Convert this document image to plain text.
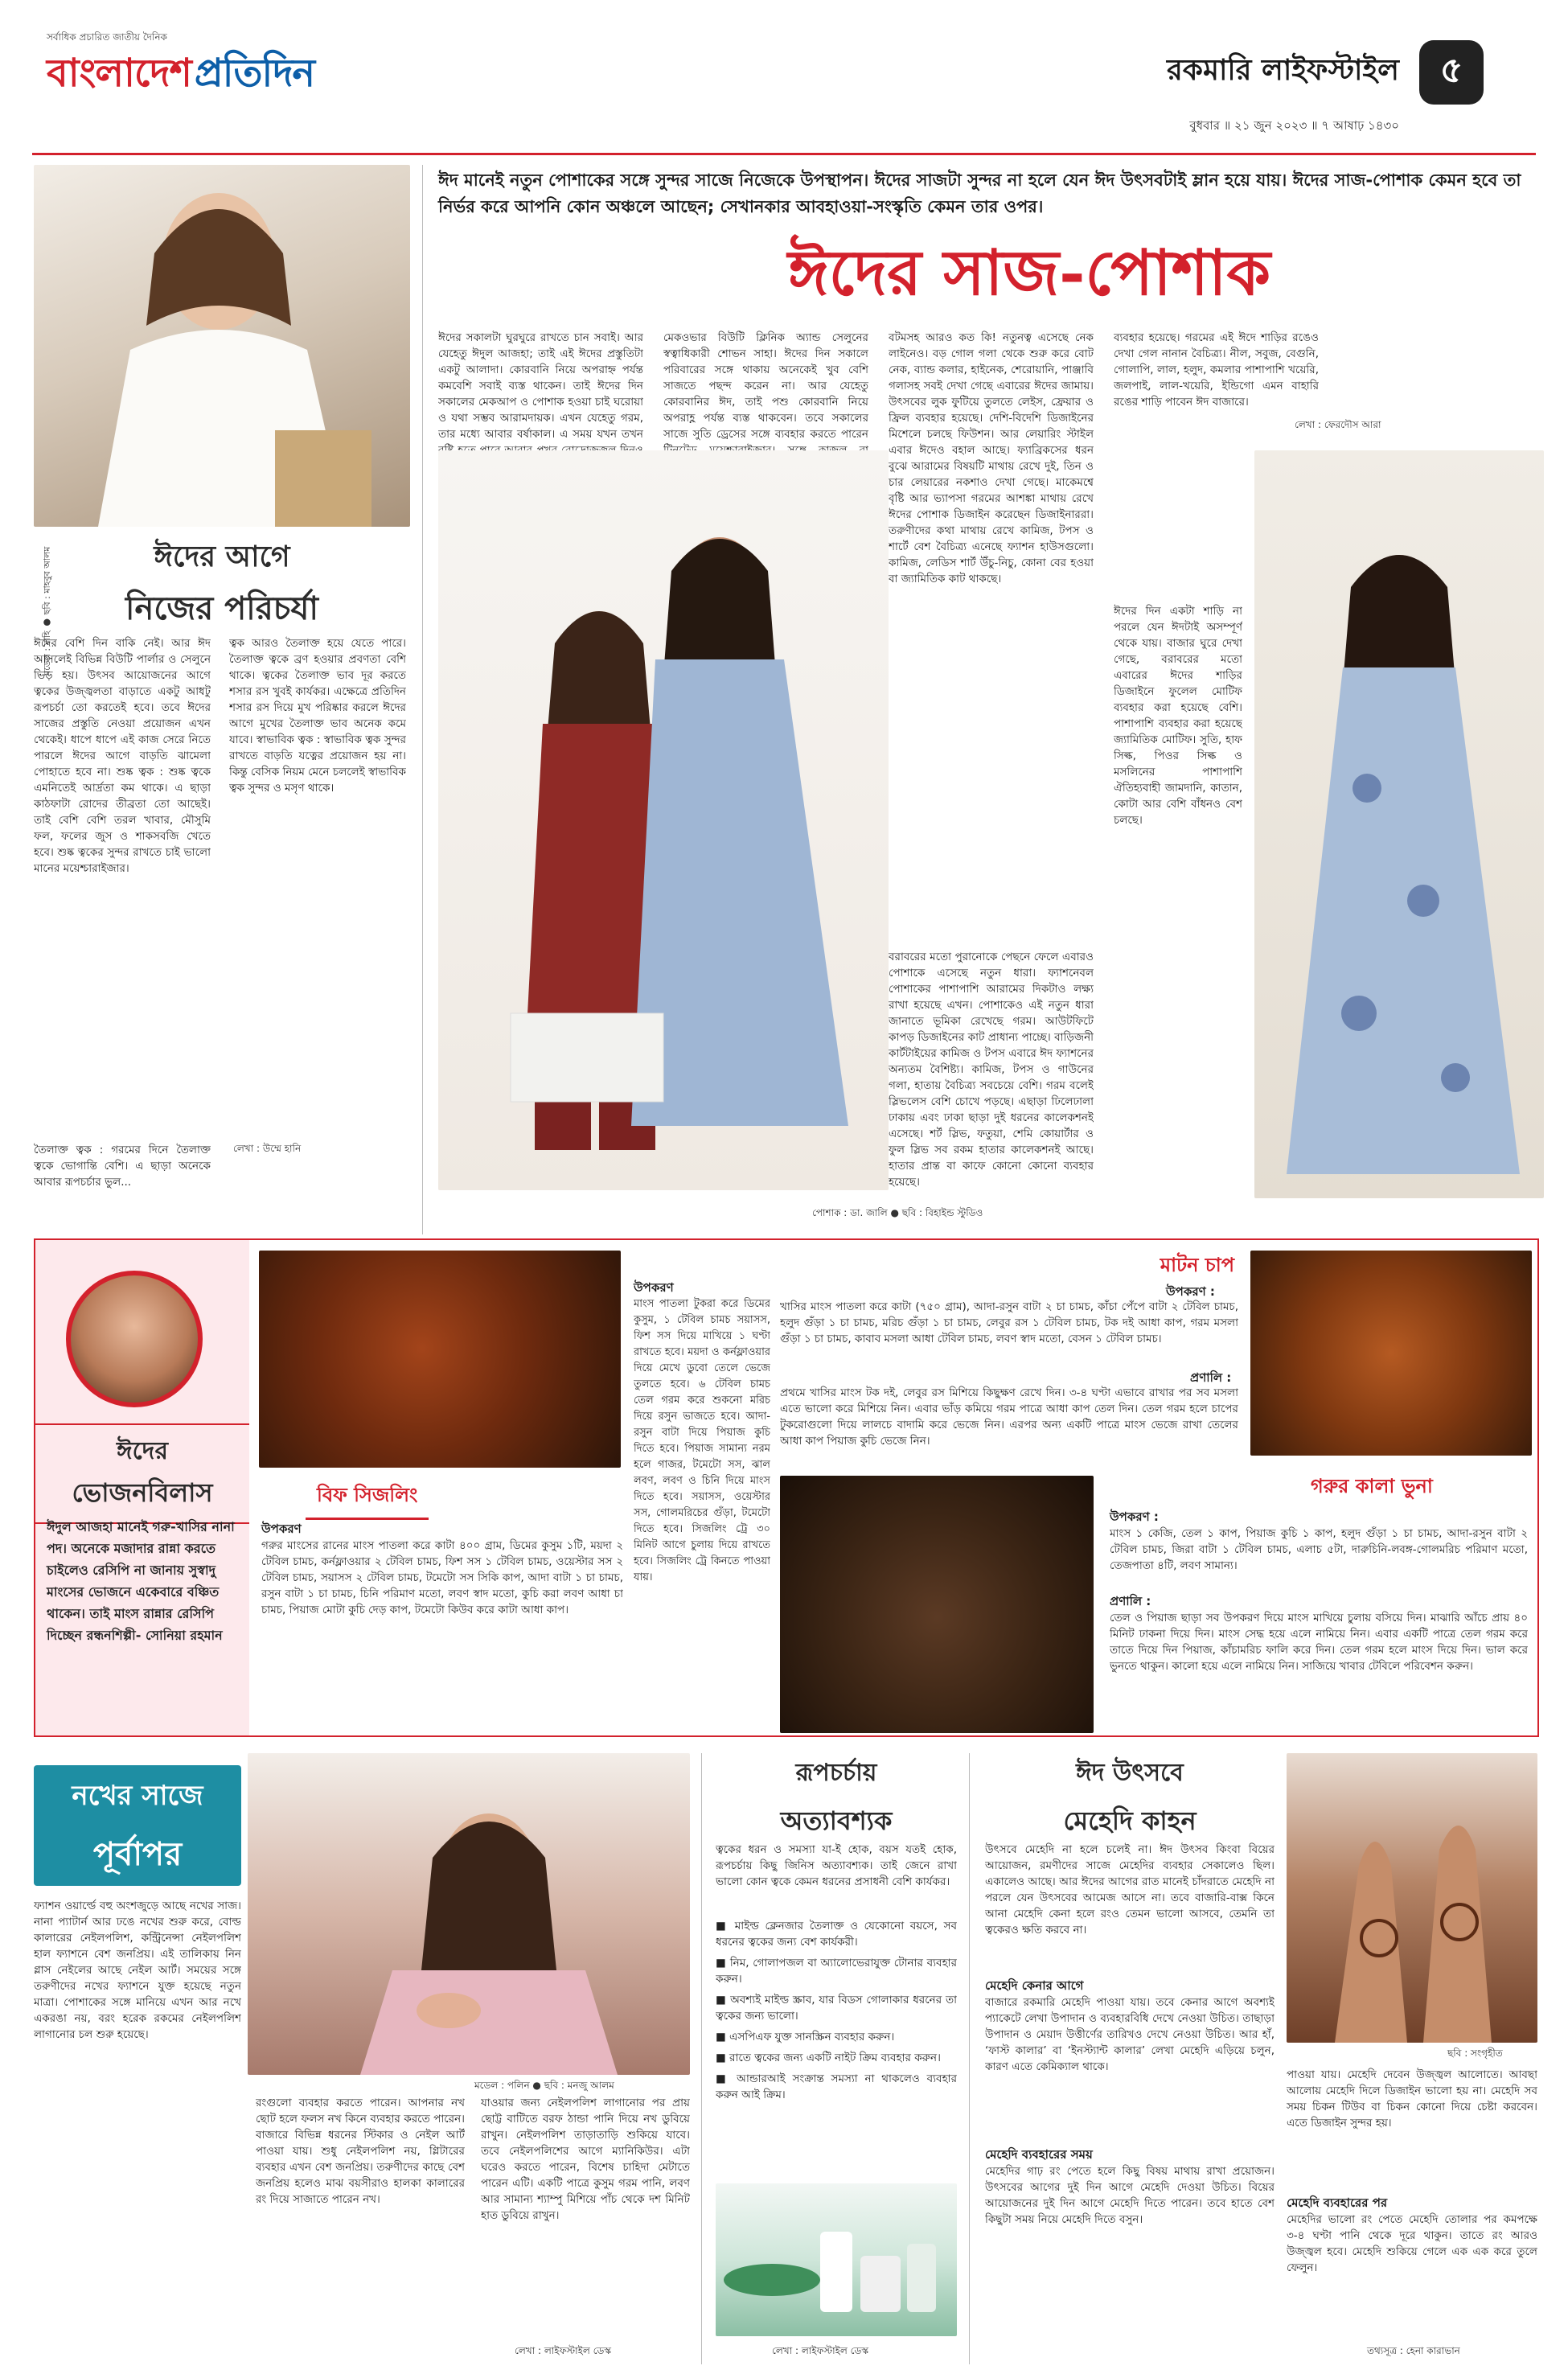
সর্বাধিক প্রচারিত জাতীয় দৈনিক
বাংলাদেশ প্রতিদিন	রকমারি লাইফস্টাইল ৫
বুধবার ॥ ২১ জুন ২০২৩ ॥ ৭ আষাঢ় ১৪৩০
মডেল : মাহি ● ছবি : মাহবুব আলম	ঈদের আগে
নিজের পরিচর্যা
ঈদের বেশি দিন বাকি নেই। আর ঈদ আসলেই বিভিন্ন বিউটি পার্লার ও সেলুনে ভিড় হয়। উৎসব আয়োজনের আগে ত্বকের উজ্জ্বলতা বাড়াতে একটু আধটু রূপচর্চা তো করতেই হবে। তবে ঈদের সাজের প্রস্তুতি নেওয়া প্রয়োজন এখন থেকেই। ধাপে ধাপে এই কাজ সেরে নিতে পারলে ঈদের আগে বাড়তি ঝামেলা পোহাতে হবে না। শুষ্ক ত্বক : শুষ্ক ত্বকে এমনিতেই আর্দ্রতা কম থাকে। এ ছাড়া কাঠফাটা রোদের তীব্রতা তো আছেই। তাই বেশি বেশি তরল খাবার, মৌসুমি ফল, ফলের জুস ও শাকসবজি খেতে হবে। শুষ্ক ত্বকের সুন্দর রাখতে চাই ভালো মানের ময়েশ্চারাইজার।
ত্বক আরও তৈলাক্ত হয়ে যেতে পারে। তৈলাক্ত ত্বকে ব্রণ হওয়ার প্রবণতা বেশি থাকে। ত্বকের তৈলাক্ত ভাব দূর করতে শসার রস খুবই কার্যকর। এক্ষেত্রে প্রতিদিন শসার রস দিয়ে মুখ পরিষ্কার করলে ঈদের আগে মুখের তৈলাক্ত ভাব অনেক কমে যাবে। স্বাভাবিক ত্বক : স্বাভাবিক ত্বক সুন্দর রাখতে বাড়তি যত্নের প্রয়োজন হয় না। কিন্তু বেসিক নিয়ম মেনে চললেই স্বাভাবিক ত্বক সুন্দর ও মসৃণ থাকে।
তৈলাক্ত ত্বক : গরমের দিনে তৈলাক্ত ত্বকে ভোগান্তি বেশি। এ ছাড়া অনেকে আবার রূপচর্চার ভুল...
লেখা : উম্মে হানি
ঈদ মানেই নতুন পোশাকের সঙ্গে সুন্দর সাজে নিজেকে উপস্থাপন। ঈদের সাজটা সুন্দর না হলে যেন ঈদ উৎসবটাই ম্লান হয়ে যায়। ঈদের সাজ-পোশাক কেমন হবে তা নির্ভর করে আপনি কোন অঞ্চলে আছেন; সেখানকার আবহাওয়া-সংস্কৃতি কেমন তার ওপর।
ঈদের সাজ-পোশাক
ঈদের সকালটা ঘুরঘুরে রাখতে চান সবাই। আর যেহেতু ঈদুল আজহা; তাই এই ঈদের প্রস্তুতিটা একটু আলাদা। কোরবানি নিয়ে অপরাহ্ন পর্যন্ত কমবেশি সবাই ব্যস্ত থাকেন। তাই ঈদের দিন সকালের মেকআপ ও পোশাক হওয়া চাই ঘরোয়া ও যথা সম্ভব আরামদায়ক। এখন যেহেতু গরম, তার মধ্যে আবার বর্ষাকাল। এ সময় যখন তখন
মেকওভার বিউটি ক্লিনিক অ্যান্ড সেলুনের স্বত্বাধিকারী শোভন সাহা। ঈদের দিন সকালে পরিবারের সঙ্গে থাকায় অনেকেই খুব বেশি সাজতে পছন্দ করেন না। আর যেহেতু কোরবানির ঈদ, তাই পশু কোরবানি নিয়ে অপরাহ্ণ পর্যন্ত ব্যস্ত থাকবেন। তবে সকালের সাজে সুতি ড্রেসের সঙ্গে ব্যবহার করতে পারেন
বটমসহ আরও কত কি! নতুনত্ব এসেছে নেক লাইনেও। বড় গোল গলা থেকে শুরু করে বোট নেক, ব্যান্ড কলার, হাইনেক, শেরোয়ানি, পাঞ্জাবি গলাসহ সবই দেখা গেছে এবারের ঈদের জামায়। উৎসবের লুক ফুটিয়ে তুলতে লেইস, ফ্রেয়ার ও ফ্রিল ব্যবহার হয়েছে। দেশি-বিদেশি ডিজাইনের মিশেলে চলছে ফিউশন। আর লেয়ারিং স্টাইল এবার ঈদেও বহাল আছে। ফ্যাব্রিকসের ধরন বুঝে আরামের বিষয়টি মাথায় রেখে দুই, তিন ও চার লেয়ারের নকশাও দেখা গেছে। মাকেমশ্বে বৃষ্টি আর ভ্যাপসা গরমের আশঙ্কা মাথায় রেখে ঈদের পোশাক ডিজাইন করেছেন ডিজাইনাররা। তরুণীদের কথা মাথায় রেখে কামিজ, টপস ও শার্টে বেশ বৈচিত্র্য এনেছে ফ্যাশন হাউসগুলো। কামিজ, লেডিস শার্ট উঁচু-নিচু, কোনা বের হওয়া বা জ্যামিতিক কাট থাকছে।
ব্যবহার হয়েছে। গরমের এই ঈদে শাড়ির রঙেও দেখা গেল নানান বৈচিত্র্য। নীল, সবুজ, বেগুনি, গোলাপি, লাল, হলুদ, কমলার পাশাপাশি খয়েরি, জলপাই, লাল-খয়েরি, ইন্ডিগো এমন বাহারি রঙের শাড়ি পাবেন ঈদ বাজারে।
লেখা : ফেরদৌস আরা
বরাবরের মতো পুরানোকে পেছনে ফেলে এবারও পোশাকে এসেছে নতুন ধারা। ফ্যাশনেবল পোশাকের পাশাপাশি আরামের দিকটাও লক্ষ্য রাখা হয়েছে এখন। পোশাকেও এই নতুন ধারা জানাতে ভূমিকা রেখেছে গরম। আউটফিটে কাপড় ডিজাইনের কাট প্রাধান্য পাচ্ছে। বাড়িজনী কার্টটাইয়ের কামিজ ও টপস এবারে ঈদ ফ্যাশনের অন্যতম বৈশিষ্ট্য। কামিজ, টপস ও গাউনের গলা, হাতায় বৈচিত্র্য সবচেয়ে বেশি। গরম বলেই স্লিভলেস বেশি চোখে পড়ছে। এছাড়া ঢিলেঢালা ঢাকায় এবং ঢাকা ছাড়া দুই ধরনের কালেকশনই এসেছে। শর্ট স্লিভ, ফতুয়া, শেমি কোয়ার্টার ও ফুল স্লিভ সব রকম হাতার কালেকশনই আছে। হাতার প্রান্ত বা কাফে কোনো কোনো ব্যবহার হয়েছে।
ঈদের দিন একটা শাড়ি না পরলে যেন ঈদটাই অসম্পূর্ণ থেকে যায়। বাজার ঘুরে দেখা গেছে, বরাবরের মতো এবারের ঈদের শাড়ির ডিজাইনে ফুলেল মোটিফ ব্যবহার করা হয়েছে বেশি। পাশাপাশি ব্যবহার করা হয়েছে জ্যামিতিক মোটিফ। সুতি, হাফ সিল্ক, পিওর সিল্ক ও মসলিনের পাশাপাশি ঐতিহ্যবাহী জামদানি, কাতান, কোটা আর বেশি বাঁধনও বেশ চলছে।
পোশাক : ডা. জালি ● ছবি : বিহাইন্ড স্টুডিও
ঈদের
ভোজনবিলাস
ঈদুল আজহা মানেই গরু-খাসির নানা পদ। অনেকে মজাদার রান্না করতে চাইলেও রেসিপি না জানায় সুস্বাদু মাংসের ভোজনে একেবারে বঞ্চিত থাকেন। তাই মাংস রান্নার রেসিপি দিচ্ছেন রন্ধনশিল্পী- সোনিয়া রহমান
বিফ সিজলিং
উপকরণ
গরুর মাংসের রানের মাংস পাতলা করে কাটা ৪০০ গ্রাম, ডিমের কুসুম ১টি, ময়দা ২ টেবিল চামচ, কর্নফ্লাওয়ার ২ টেবিল চামচ, ফিশ সস ১ টেবিল চামচ, ওয়েস্টার সস ২ টেবিল চামচ, সয়াসস ২ টেবিল চামচ, টমেটো সস সিকি কাপ, আদা বাটা ১ চা চামচ, রসুন বাটা ১ চা চামচ, চিনি পরিমাণ মতো, লবণ স্বাদ মতো, কুচি করা লবণ আধা চা চামচ, পিয়াজ মোটা কুচি দেড় কাপ, টমেটো কিউব করে কাটা আধা কাপ।
উপকরণ
মাংস পাতলা টুকরা করে ডিমের কুসুম, ১ টেবিল চামচ সয়াসস, ফিশ সস দিয়ে মাখিয়ে ১ ঘণ্টা রাখতে হবে। ময়দা ও কর্নফ্লাওয়ার দিয়ে মেখে ডুবো তেলে ভেজে তুলতে হবে। ৬ টেবিল চামচ তেল গরম করে শুকনো মরিচ দিয়ে রসুন ভাজতে হবে। আদা-রসুন বাটা দিয়ে পিয়াজ কুচি দিতে হবে। পিয়াজ সামান্য নরম হলে গাজর, টমেটো সস, ঝাল লবণ, লবণ ও চিনি দিয়ে মাংস দিতে হবে। সয়াসস, ওয়েস্টার সস, গোলমরিচের গুঁড়া, টমেটো দিতে হবে। সিজলিং ট্রে ৩০ মিনিট আগে চুলায় দিয়ে রাখতে হবে। সিজলিং ট্রে কিনতে পাওয়া যায়।
মাটন চাপ
উপকরণ :
খাসির মাংস পাতলা করে কাটা (৭৫০ গ্রাম), আদা-রসুন বাটা ২ চা চামচ, কাঁচা পেঁপে বাটা ২ টেবিল চামচ, হলুদ গুঁড়া ১ চা চামচ, মরিচ গুঁড়া ১ চা চামচ, লেবুর রস ১ টেবিল চামচ, টক দই আধা কাপ, গরম মসলা গুঁড়া ১ চা চামচ, কাবাব মসলা আধা টেবিল চামচ, লবণ স্বাদ মতো, বেসন ১ টেবিল চামচ।
প্রণালি :
প্রথমে খাসির মাংস টক দই, লেবুর রস মিশিয়ে কিছুক্ষণ রেখে দিন। ৩-৪ ঘণ্টা এভাবে রাখার পর সব মসলা এতে ভালো করে মিশিয়ে নিন। এবার ভাঁড় কমিয়ে গরম পাত্রে আধা কাপ তেল দিন। তেল গরম হলে চাপের টুকরোগুলো দিয়ে লালচে বাদামি করে ভেজে নিন। এরপর অন্য একটি পাত্রে মাংস ভেজে রাখা তেলের আধা কাপ পিয়াজ কুচি ভেজে নিন।
গরুর কালা ভুনা
উপকরণ :
মাংস ১ কেজি, তেল ১ কাপ, পিয়াজ কুচি ১ কাপ, হলুদ গুঁড়া ১ চা চামচ, আদা-রসুন বাটা ২ টেবিল চামচ, জিরা বাটা ১ টেবিল চামচ, এলাচ ৫টা, দারুচিনি-লবঙ্গ-গোলমরিচ পরিমাণ মতো, তেজপাতা ৪টি, লবণ সামান্য।
প্রণালি :
তেল ও পিয়াজ ছাড়া সব উপকরণ দিয়ে মাংস মাখিয়ে চুলায় বসিয়ে দিন। মাঝারি আঁচে প্রায় ৪০ মিনিট ঢাকনা দিয়ে দিন। মাংস সেদ্ধ হয়ে এলে নামিয়ে নিন। এবার একটি পাত্রে তেল গরম করে তাতে দিয়ে দিন পিয়াজ, কাঁচামরিচ ফালি করে দিন। তেল গরম হলে মাংস দিয়ে দিন। ভাল করে ভুনতে থাকুন। কালো হয়ে এলে নামিয়ে নিন। সাজিয়ে খাবার টেবিলে পরিবেশন করুন।
নখের সাজে
পূর্বাপর
মডেল : পলিন ● ছবি : মনজু আলম
ফ্যাশন ওয়ার্ল্ডে বহু অংশজুড়ে আছে নখের সাজ। নানা প্যাটার্ন আর ঢঙে নখের শুরু করে, বোল্ড কালারের নেইলপলিশ, কন্ট্রিনেন্সা নেইলপলিশ হাল ফ্যাশনে বেশ জনপ্রিয়। এই তালিকায় নিন গ্লাস নেইলের আছে নেইল আর্ট। সময়ের সঙ্গে তরুণীদের নখের ফ্যাশনে যুক্ত হয়েছে নতুন মাত্রা। পোশাকের সঙ্গে মানিয়ে এখন আর নখে একরঙা নয়, বরং হরেক রকমের নেইলপলিশ লাগানোর চল শুরু হয়েছে।
রংগুলো ব্যবহার করতে পারেন। আপনার নখ ছোট হলে ফলস নখ কিনে ব্যবহার করতে পারেন। বাজারে বিভিন্ন ধরনের স্টিকার ও নেইল আর্ট পাওয়া যায়। শুধু নেইলপলিশ নয়, গ্লিটারের ব্যবহার এখন বেশ জনপ্রিয়। তরুণীদের কাছে বেশ জনপ্রিয় হলেও মাঝ বয়সীরাও হালকা কালারের রং দিয়ে সাজাতে পারেন নখ।
যাওয়ার জন্য নেইলপলিশ লাগানোর পর প্রায় ছোট্ট বাটিতে বরফ ঠান্ডা পানি দিয়ে নখ ডুবিয়ে রাখুন। নেইলপলিশ তাড়াতাড়ি শুকিয়ে যাবে। তবে নেইলপলিশের আগে ম্যানিকিউর। এটা ঘরেও করতে পারেন, বিশেষ চাহিদা মেটাতে পারেন এটি। একটি পাত্রে কুসুম গরম পানি, লবণ আর সামান্য শ্যাম্পু মিশিয়ে পাঁচ থেকে দশ মিনিট হাত ডুবিয়ে রাখুন।
লেখা : লাইফস্টাইল ডেস্ক
রূপচর্চায়
অত্যাবশ্যক
ত্বকের ধরন ও সমস্যা যা-ই হোক, বয়স যতই হোক, রূপচর্চায় কিছু জিনিস অত্যাবশ্যক। তাই জেনে রাখা ভালো কোন ত্বকে কেমন ধরনের প্রসাধনী বেশি কার্যকর।
■ মাইল্ড ক্লেনজার তৈলাক্ত ও যেকোনো বয়সে, সব ধরনের ত্বকের জন্য বেশ কার্যকরী।
■ নিম, গোলাপজল বা অ্যালোভেরাযুক্ত টোনার ব্যবহার করুন।
■ অবশ্যই মাইল্ড স্ক্রাব, যার বিডস গোলাকার ধরনের তা ত্বকের জন্য ভালো।
■ এসপিএফ যুক্ত সানস্ক্রিন ব্যবহার করুন।
■ রাতে ত্বকের জন্য একটি নাইট ক্রিম ব্যবহার করুন।
■ আন্ডারআই সংক্রান্ত সমস্যা না থাকলেও ব্যবহার করুন আই ক্রিম।
লেখা : লাইফস্টাইল ডেস্ক
ঈদ উৎসবে
মেহেদি কাহন
উৎসবে মেহেদি না হলে চলেই না। ঈদ উৎসব কিংবা বিয়ের আয়োজন, রমণীদের সাজে মেহেদির ব্যবহার সেকালেও ছিল। একালেও আছে। আর ঈদের আগের রাত মানেই চাঁদরাতে মেহেদি না পরলে যেন উৎসবের আমেজ আসে না। তবে বাজারি-বাক্স কিনে আনা মেহেদি কেনা হলে রংও তেমন ভালো আসবে, তেমনি তা ত্বকেরও ক্ষতি করবে না।
মেহেদি কেনার আগে
বাজারে রকমারি মেহেদি পাওয়া যায়। তবে কেনার আগে অবশ্যই প্যাকেটে লেখা উপাদান ও ব্যবহারবিধি দেখে নেওয়া উচিত। তাছাড়া উপাদান ও মেয়াদ উত্তীর্ণের তারিখও দেখে নেওয়া উচিত। আর হাঁ, ‘ফাস্ট কালার’ বা ‘ইনস্ট্যান্ট কালার’ লেখা মেহেদি এড়িয়ে চলুন, কারণ এতে কেমিক্যাল থাকে।
মেহেদি ব্যবহারের সময়
মেহেদির গাঢ় রং পেতে হলে কিছু বিষয় মাথায় রাখা প্রয়োজন। উৎসবের আগের দুই দিন আগে মেহেদি দেওয়া উচিত। বিয়ের আয়োজনের দুই দিন আগে মেহেদি দিতে পারেন। তবে হাতে বেশ কিছুটা সময় নিয়ে মেহেদি দিতে বসুন।
ছবি : সংগৃহীত
পাওয়া যায়। মেহেদি দেবেন উজ্জ্বল আলোতে। আবছা আলোয় মেহেদি দিলে ডিজাইন ভালো হয় না। মেহেদি সব সময় চিকন টিউব বা চিকন কোনো দিয়ে চেষ্টা করবেন। এতে ডিজাইন সুন্দর হয়।
মেহেদি ব্যবহারের পর
মেহেদির ভালো রং পেতে মেহেদি তোলার পর কমপক্ষে ৩-৪ ঘণ্টা পানি থেকে দূরে থাকুন। তাতে রং আরও উজ্জ্বল হবে। মেহেদি শুকিয়ে গেলে এক এক করে তুলে ফেলুন।
তথ্যসূত্র : হেনা কারাভান
